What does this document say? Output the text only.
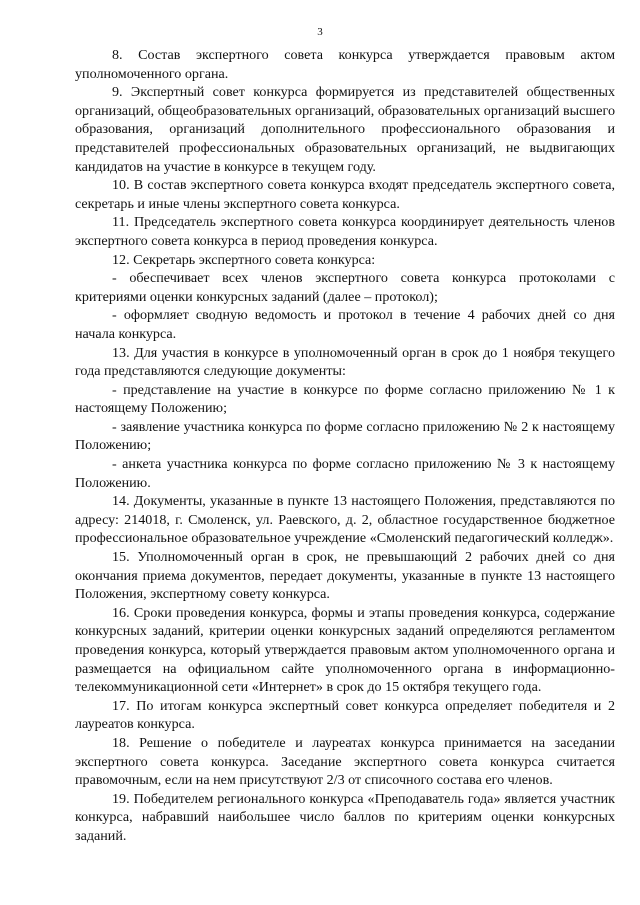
3

8. Состав экспертного совета конкурса утверждается правовым актом уполномоченного органа.

9. Экспертный совет конкурса формируется из представителей общественных организаций, общеобразовательных организаций, образовательных организаций высшего образования, организаций дополнительного профессионального образования и представителей профессиональных образовательных организаций, не выдвигающих кандидатов на участие в конкурсе в текущем году.

10. В состав экспертного совета конкурса входят председатель экспертного совета, секретарь и иные члены экспертного совета конкурса.

11. Председатель экспертного совета конкурса координирует деятельность членов экспертного совета конкурса в период проведения конкурса.

12. Секретарь экспертного совета конкурса:

- обеспечивает всех членов экспертного совета конкурса протоколами с критериями оценки конкурсных заданий (далее – протокол);

- оформляет сводную ведомость и протокол в течение 4 рабочих дней со дня начала конкурса.

13. Для участия в конкурсе в уполномоченный орган в срок до 1 ноября текущего года представляются следующие документы:

- представление на участие в конкурсе по форме согласно приложению № 1 к настоящему Положению;

- заявление участника конкурса по форме согласно приложению № 2 к настоящему Положению;

- анкета участника конкурса по форме согласно приложению № 3 к настоящему Положению.

14. Документы, указанные в пункте 13 настоящего Положения, представляются по адресу: 214018, г. Смоленск, ул. Раевского, д. 2, областное государственное бюджетное профессиональное образовательное учреждение «Смоленский педагогический колледж».

15. Уполномоченный орган в срок, не превышающий 2 рабочих дней со дня окончания приема документов, передает документы, указанные в пункте 13 настоящего Положения, экспертному совету конкурса.

16. Сроки проведения конкурса, формы и этапы проведения конкурса, содержание конкурсных заданий, критерии оценки конкурсных заданий определяются регламентом проведения конкурса, который утверждается правовым актом уполномоченного органа и размещается на официальном сайте уполномоченного органа в информационно-телекоммуникационной сети «Интернет» в срок до 15 октября текущего года.

17. По итогам конкурса экспертный совет конкурса определяет победителя и 2 лауреатов конкурса.

18. Решение о победителе и лауреатах конкурса принимается на заседании экспертного совета конкурса. Заседание экспертного совета конкурса считается правомочным, если на нем присутствуют 2/3 от списочного состава его членов.

19. Победителем регионального конкурса «Преподаватель года» является участник конкурса, набравший наибольшее число баллов по критериям оценки конкурсных заданий.
